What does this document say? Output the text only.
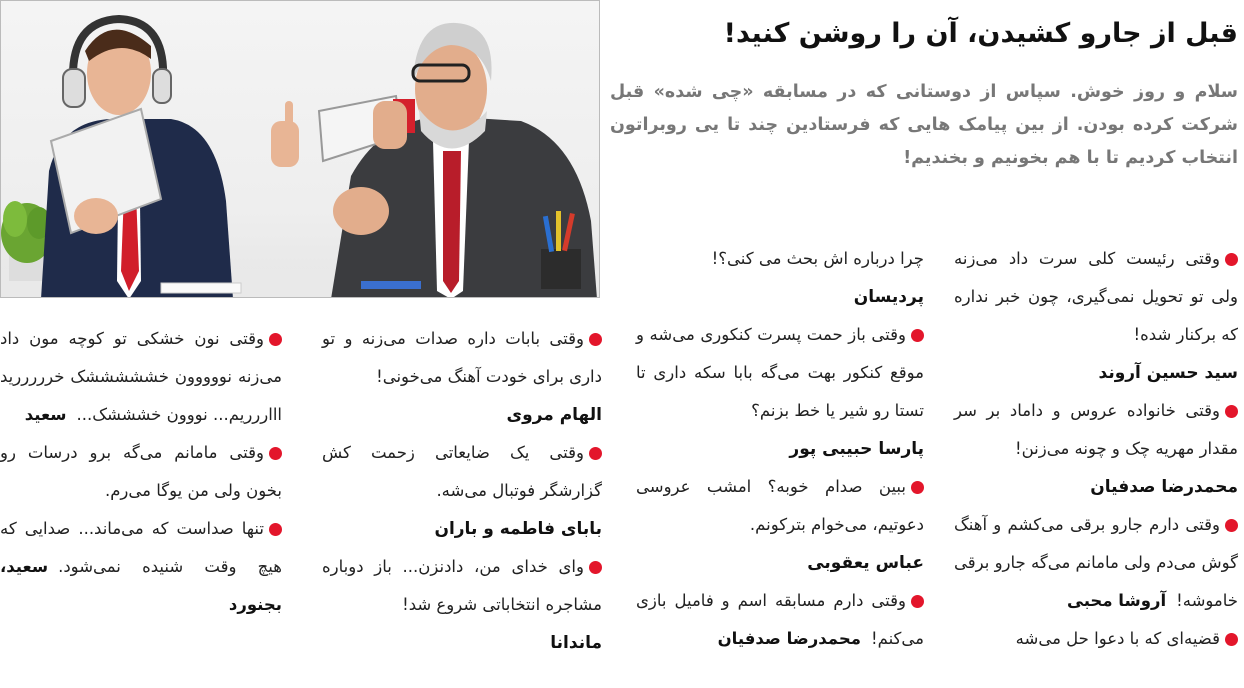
قبل از جارو کشیدن، آن را روشن کنید!
سلام و روز خوش. سپاس از دوستانی که در مسابقه «چی شده» قبل شرکت کرده بودن. از بین پیامک هایی که فرستادین چند تا یی روبراتون انتخاب کردیم تا با هم بخونیم و بخندیم!

وقتی رئیست کلی سرت داد می‌زنه ولی تو تحویل نمی‌گیری، چون خبر نداره که برکنار شده!

سید حسین آروند

وقتی خانواده عروس و داماد بر سر مقدار مهریه چک و چونه می‌زنن!

محمدرضا صدفیان

وقتی دارم جارو برقی می‌کشم و آهنگ گوش می‌دم ولی مامانم می‌گه جارو برقی خاموشه!آروشا محبی

قضیه‌ای که با دعوا حل می‌شه

چرا درباره اش بحث می کنی؟!

پردیسان

وقتی باز حمت پسرت کنکوری می‌شه و موقع کنکور بهت می‌گه بابا سکه داری تا تستا رو شیر یا خط بزنم؟

پارسا حبیبی پور

ببین صدام خوبه؟ امشب عروسی دعوتیم، می‌خوام بترکونم.

عباس یعقوبی

وقتی دارم مسابقه اسم و فامیل بازی می‌کنم!محمدرضا صدفیان

وقتی بابات داره صدات می‌زنه و تو داری برای خودت آهنگ می‌خونی!

الهام مروی

وقتی یک ضایعاتی زحمت کش گزارشگر فوتبال می‌شه.

بابای فاطمه و باران

وای خدای من، دادنزن... باز دوباره مشاجره انتخاباتی شروع شد!

ماندانا

وقتی نون خشکی تو کوچه مون داد می‌زنه نووووون خشششششک خرررررید اااررریم... نووون خشششک...سعید

وقتی مامانم می‌گه برو درسات رو بخون ولی من یوگا می‌رم.

تنها صداست که می‌ماند... صدایی که هیچ وقت شنیده نمی‌شود.سعید، بجنورد
